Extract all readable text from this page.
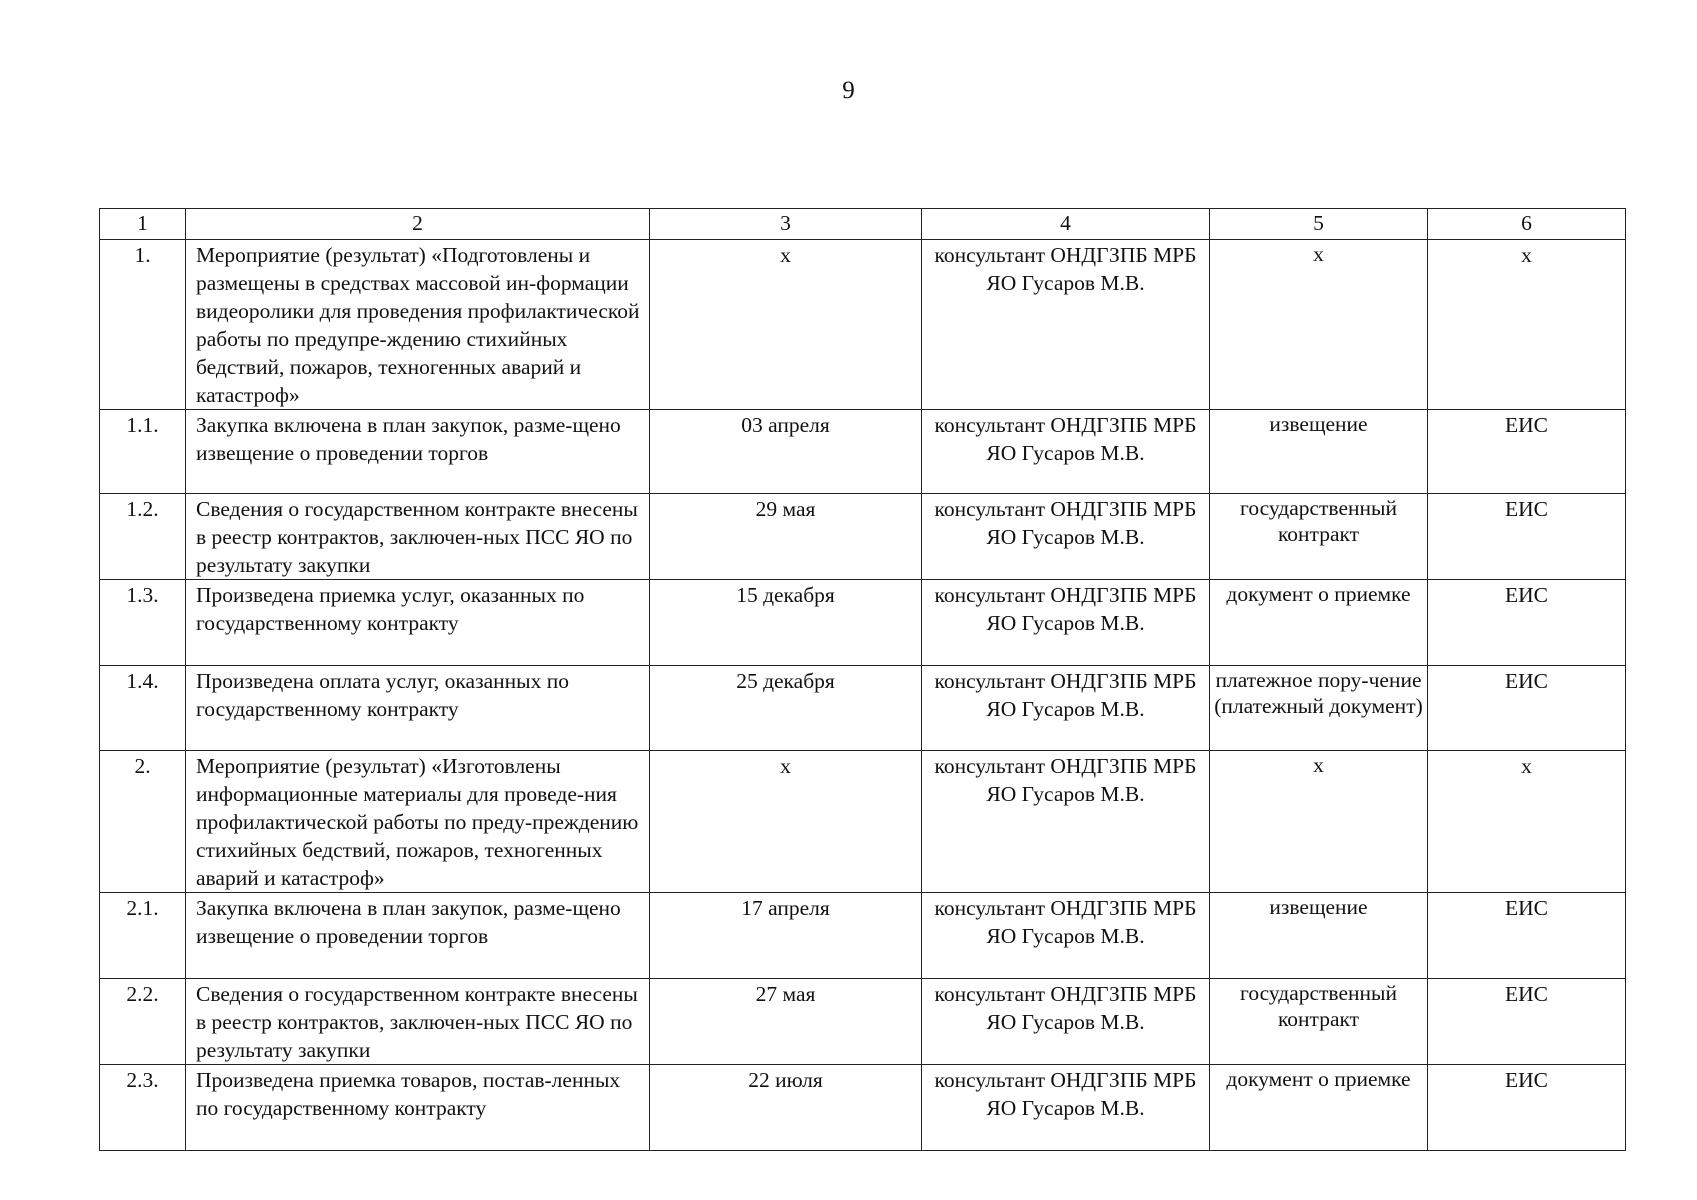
9
1	2	3	4	5	6
1.	Мероприятие (результат) «Подготовлены и размещены в средствах массовой ин-формации видеоролики для проведения профилактической работы по предупре-ждению стихийных бедствий, пожаров, техногенных аварий и катастроф»	х	консультант ОНДГЗПБ МРБ ЯО Гусаров М.В.	х	х
1.1.	Закупка включена в план закупок, разме-щено извещение о проведении торгов	03 апреля	консультант ОНДГЗПБ МРБ ЯО Гусаров М.В.	извещение	ЕИС
1.2.	Сведения о государственном контракте внесены в реестр контрактов, заключен-ных ПСС ЯО по результату закупки	29 мая	консультант ОНДГЗПБ МРБ ЯО Гусаров М.В.	государственный контракт	ЕИС
1.3.	Произведена приемка услуг, оказанных по государственному контракту	15 декабря	консультант ОНДГЗПБ МРБ ЯО Гусаров М.В.	документ о приемке	ЕИС
1.4.	Произведена оплата услуг, оказанных по государственному контракту	25 декабря	консультант ОНДГЗПБ МРБ ЯО Гусаров М.В.	платежное пору-чение (платежный документ)	ЕИС
2.	Мероприятие (результат) «Изготовлены информационные материалы для проведе-ния профилактической работы по преду-преждению стихийных бедствий, пожаров, техногенных аварий и катастроф»	х	консультант ОНДГЗПБ МРБ ЯО Гусаров М.В.	х	х
2.1.	Закупка включена в план закупок, разме-щено извещение о проведении торгов	17 апреля	консультант ОНДГЗПБ МРБ ЯО Гусаров М.В.	извещение	ЕИС
2.2.	Сведения о государственном контракте внесены в реестр контрактов, заключен-ных ПСС ЯО по результату закупки	27 мая	консультант ОНДГЗПБ МРБ ЯО Гусаров М.В.	государственный контракт	ЕИС
2.3.	Произведена приемка товаров, постав-ленных по государственному контракту	22 июля	консультант ОНДГЗПБ МРБ ЯО Гусаров М.В.	документ о приемке	ЕИС
